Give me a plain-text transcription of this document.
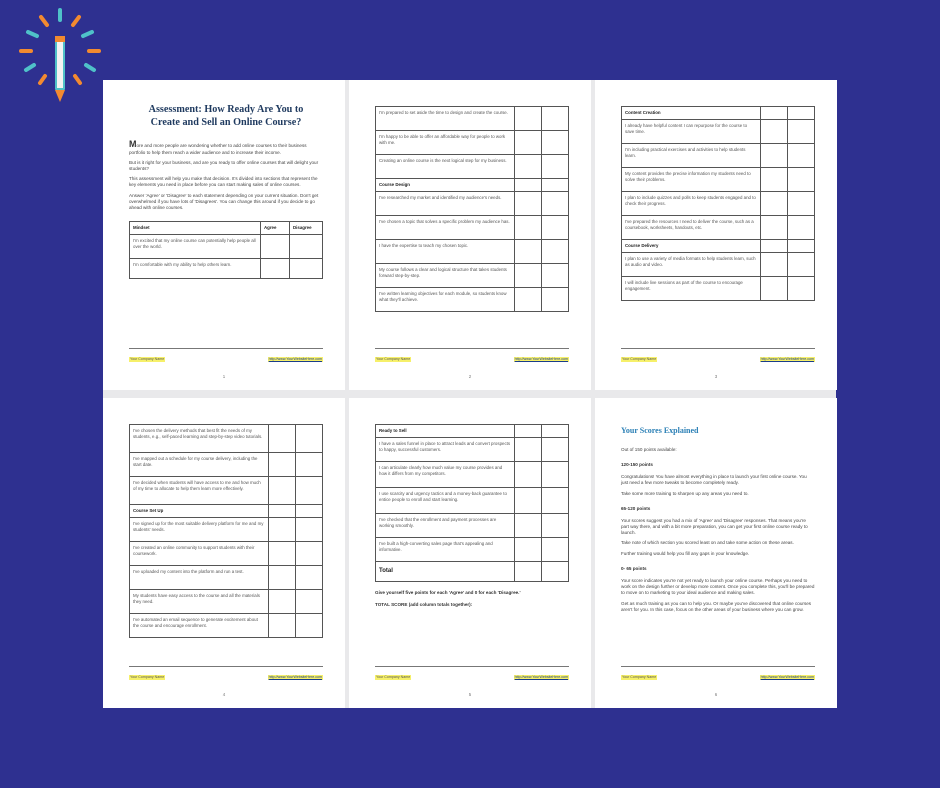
Assessment: How Ready Are You to Create and Sell an Online Course?

More and more people are wondering whether to add online courses to their business portfolio to help them reach a wider audience and to increase their income.

But is it right for your business, and are you ready to offer online courses that will delight your students?

This assessment will help you make that decision. It's divided into sections that represent the key elements you need in place before you can start making sales of online courses.

Answer 'Agree' or 'Disagree' to each statement depending on your current situation. Don't get overwhelmed if you have lots of 'Disagrees'. You can change this around if you decide to go ahead with online courses.

Mindset	Agree	Disagree
I'm excited that my online course can potentially help people all over the world.		
I'm comfortable with my ability to help others learn.		
Your Company Name	http://www.YourWebsiteHere.com
1
I'm prepared to set aside the time to design and create the course.		
I'm happy to be able to offer an affordable way for people to work with me.		
Creating an online course is the next logical step for my business.		
Course Design		
I've researched my market and identified my audience's needs.		
I've chosen a topic that solves a specific problem my audience has.		
I have the expertise to teach my chosen topic.		
My course follows a clear and logical structure that takes students forward step-by-step.		
I've written learning objectives for each module, so students know what they'll achieve.		
Your Company Name	http://www.YourWebsiteHere.com
2
Content Creation		
I already have helpful content I can repurpose for the course to save time.		
I'm including practical exercises and activities to help students learn.		
My content provides the precise information my students need to solve their problems.		
I plan to include quizzes and polls to keep students engaged and to check their progress.		
I've prepared the resources I need to deliver the course, such as a coursebook, worksheets, handouts, etc.		
Course Delivery		
I plan to use a variety of media formats to help students learn, such as audio and video.		
I will include live sessions as part of the course to encourage engagement.		
Your Company Name	http://www.YourWebsiteHere.com
3
I've chosen the delivery methods that best fit the needs of my students, e.g., self-paced learning and step-by-step video tutorials.		
I've mapped out a schedule for my course delivery, including the start date.		
I've decided when students will have access to me and how much of my time to allocate to help them learn more effectively.		
Course Set Up		
I've signed up for the most suitable delivery platform for me and my students' needs.		
I've created an online community to support students with their coursework.		
I've uploaded my content into the platform and run a test.		
My students have easy access to the course and all the materials they need.		
I've automated an email sequence to generate excitement about the course and encourage enrollment.		
Your Company Name	http://www.YourWebsiteHere.com
4
Ready to Sell		
I have a sales funnel in place to attract leads and convert prospects to happy, successful customers.		
I can articulate clearly how much value my course provides and how it differs from my competitors.		
I use scarcity and urgency tactics and a money-back guarantee to entice people to enroll and start learning.		
I've checked that the enrollment and payment processes are working smoothly.		
I've built a high-converting sales page that's appealing and informative.		
Total		

Give yourself five points for each 'Agree' and 0 for each 'Disagree.'

TOTAL SCORE (add column totals together):

Your Company Name	http://www.YourWebsiteHere.com
5
Your Scores Explained

Out of 150 points available:

120-150 points

Congratulations! You have almost everything in place to launch your first online course. You just need a few more tweaks to become completely ready.

Take some more training to sharpen up any areas you need to.

65-120 points

Your scores suggest you had a mix of 'Agree' and 'Disagree' responses. That means you're part way there, and with a bit more preparation, you can get your first online course ready to launch.

Take note of which section you scored least on and take some action on these areas.

Further training would help you fill any gaps in your knowledge.

0- 65 points

Your score indicates you're not yet ready to launch your online course. Perhaps you need to work on the design further or develop more content. Once you complete this, you'll be prepared to move on to marketing to your ideal audience and making sales.

Get as much training as you can to help you. Or maybe you've discovered that online courses aren't for you. In this case, focus on the other areas of your business where you can grow.

Your Company Name	http://www.YourWebsiteHere.com
6
